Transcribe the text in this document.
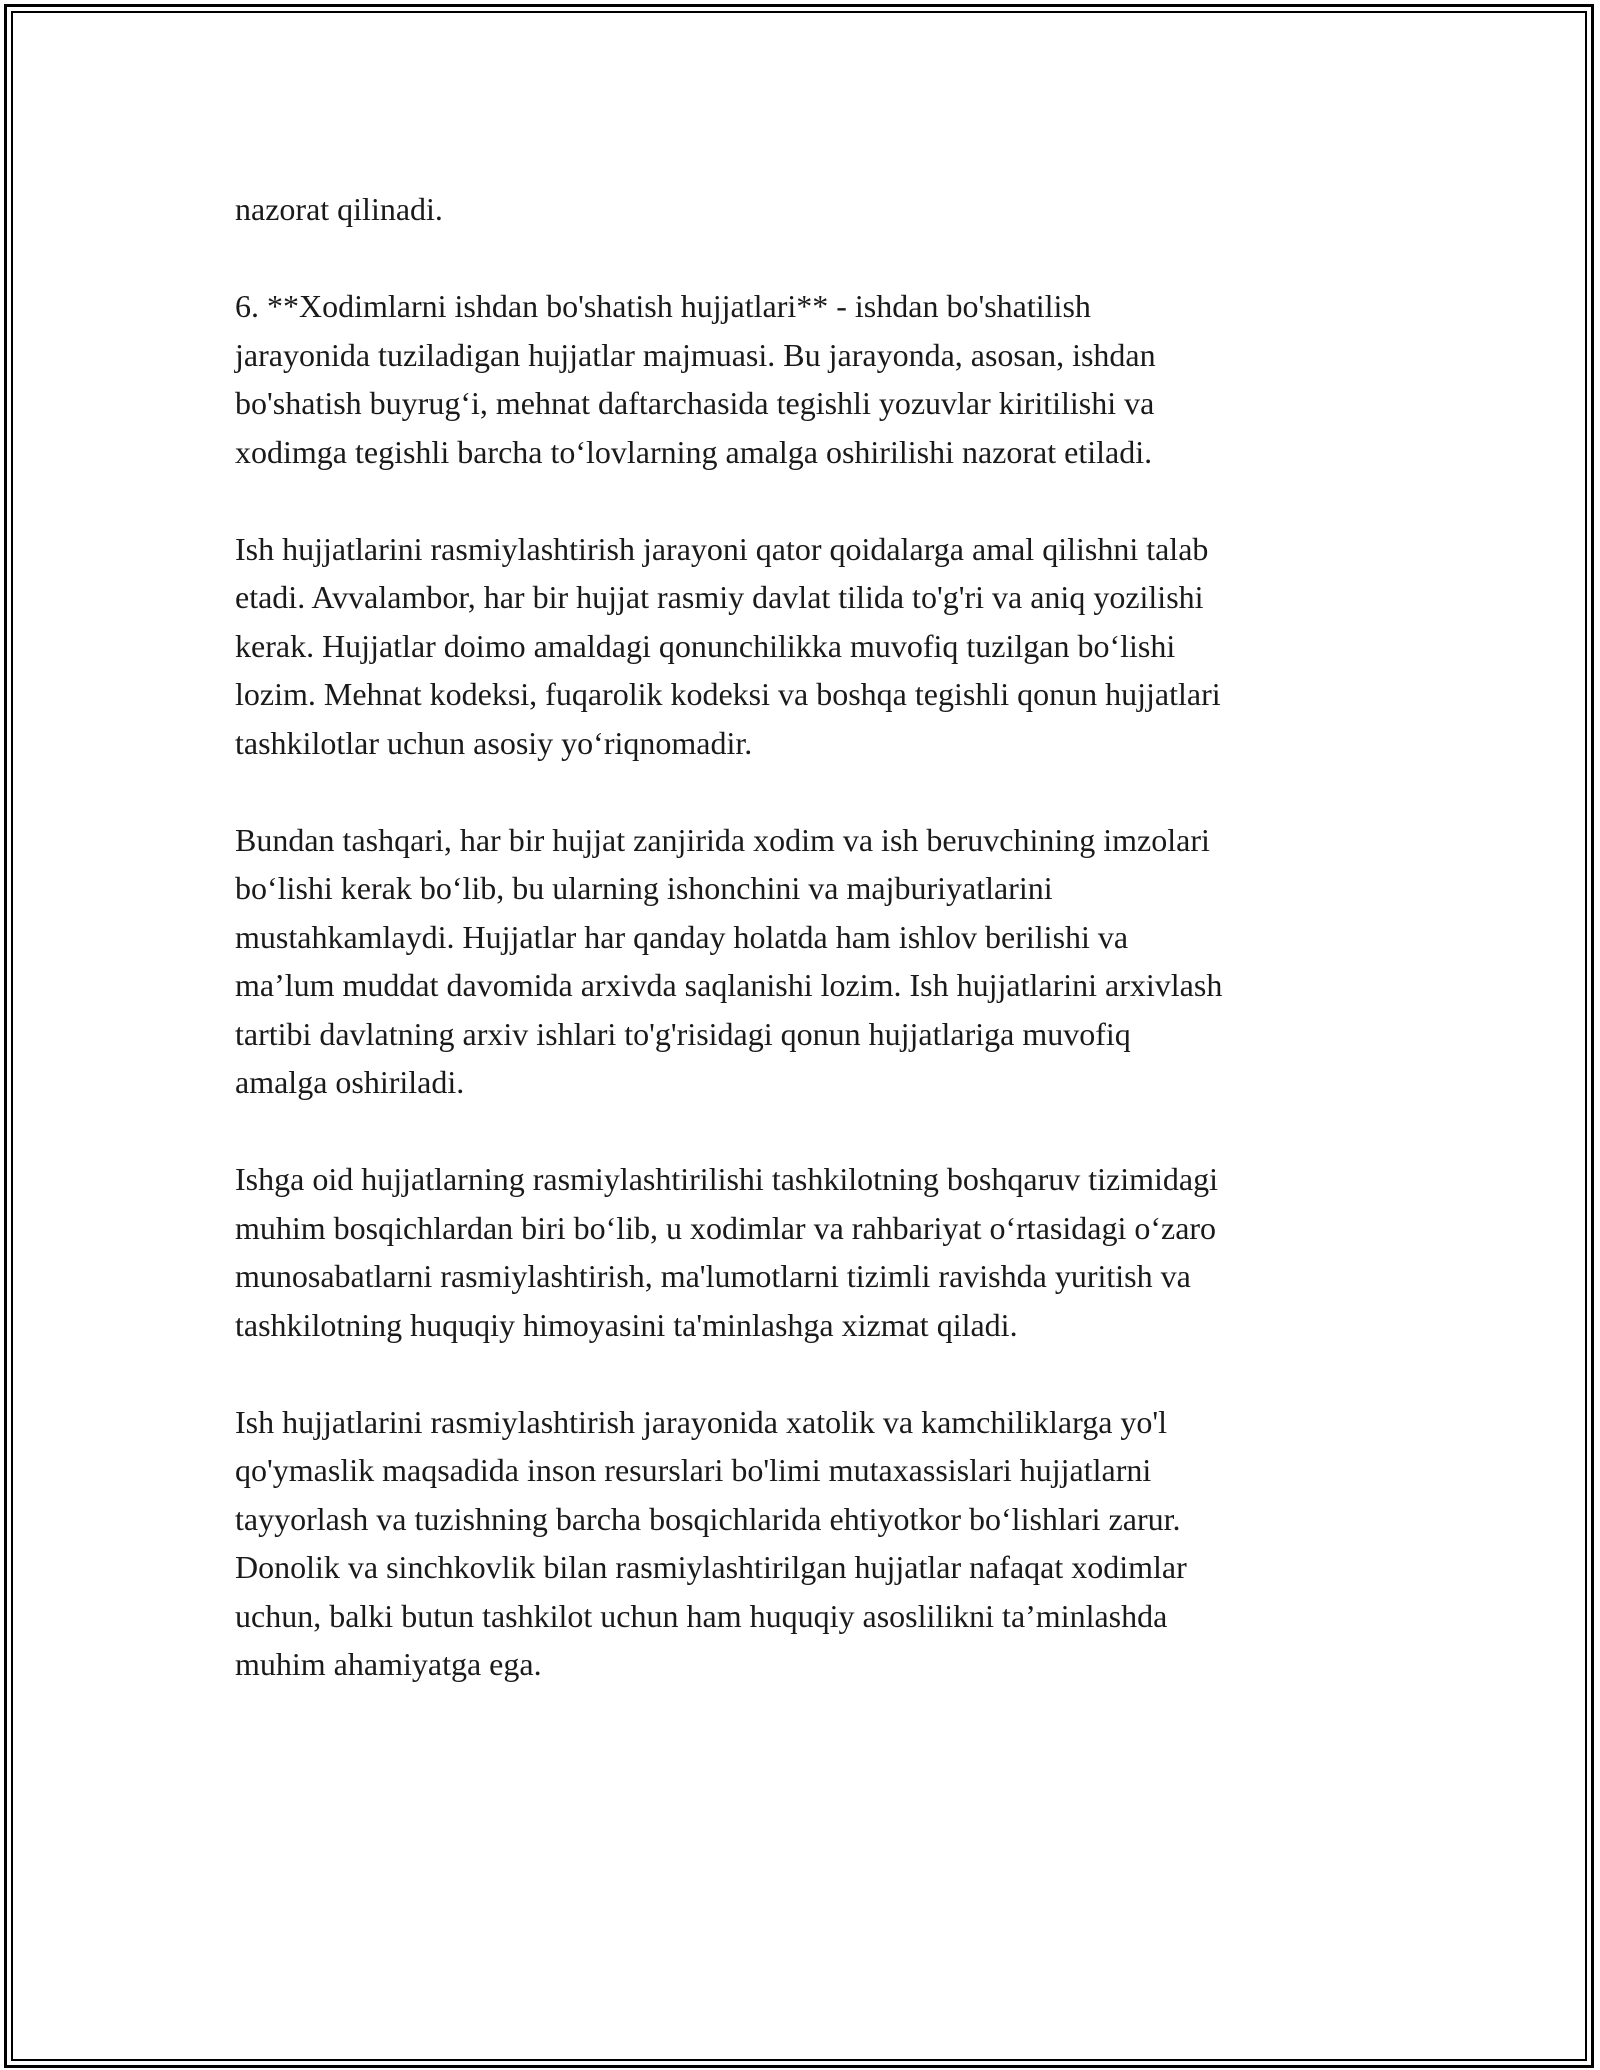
nazorat qilinadi.

6. **Xodimlarni ishdan bo'shatish hujjatlari** - ishdan bo'shatilish
jarayonida tuziladigan hujjatlar majmuasi. Bu jarayonda, asosan, ishdan
bo'shatish buyrug‘i, mehnat daftarchasida tegishli yozuvlar kiritilishi va
xodimga tegishli barcha to‘lovlarning amalga oshirilishi nazorat etiladi.

Ish hujjatlarini rasmiylashtirish jarayoni qator qoidalarga amal qilishni talab
etadi. Avvalambor, har bir hujjat rasmiy davlat tilida to'g'ri va aniq yozilishi
kerak. Hujjatlar doimo amaldagi qonunchilikka muvofiq tuzilgan bo‘lishi
lozim. Mehnat kodeksi, fuqarolik kodeksi va boshqa tegishli qonun hujjatlari
tashkilotlar uchun asosiy yo‘riqnomadir.

Bundan tashqari, har bir hujjat zanjirida xodim va ish beruvchining imzolari
bo‘lishi kerak bo‘lib, bu ularning ishonchini va majburiyatlarini
mustahkamlaydi. Hujjatlar har qanday holatda ham ishlov berilishi va
ma’lum muddat davomida arxivda saqlanishi lozim. Ish hujjatlarini arxivlash
tartibi davlatning arxiv ishlari to'g'risidagi qonun hujjatlariga muvofiq
amalga oshiriladi.

Ishga oid hujjatlarning rasmiylashtirilishi tashkilotning boshqaruv tizimidagi
muhim bosqichlardan biri bo‘lib, u xodimlar va rahbariyat o‘rtasidagi o‘zaro
munosabatlarni rasmiylashtirish, ma'lumotlarni tizimli ravishda yuritish va
tashkilotning huquqiy himoyasini ta'minlashga xizmat qiladi.

Ish hujjatlarini rasmiylashtirish jarayonida xatolik va kamchiliklarga yo'l
qo'ymaslik maqsadida inson resurslari bo'limi mutaxassislari hujjatlarni
tayyorlash va tuzishning barcha bosqichlarida ehtiyotkor bo‘lishlari zarur.
Donolik va sinchkovlik bilan rasmiylashtirilgan hujjatlar nafaqat xodimlar
uchun, balki butun tashkilot uchun ham huquqiy asoslilikni ta’minlashda
muhim ahamiyatga ega.
